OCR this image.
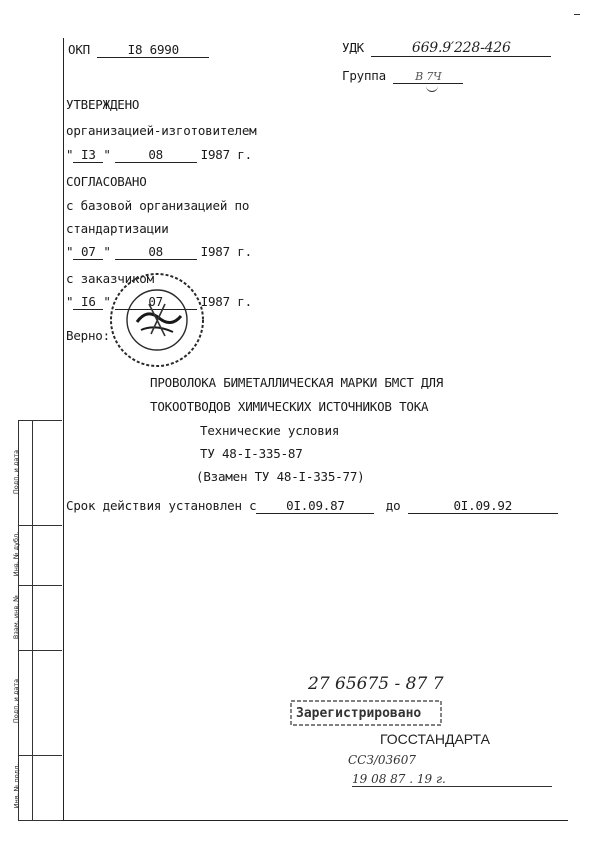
Подп. и дата
Инв. № дубл.
Взам. инв. №
Подп. и дата
Инв. № подл.
ОКП	I8 6990	УДК	669.9′228-426
Группа	В 7Ч
УТВЕРЖДЕНО
организацией-изготовителем
" I3 "	08	I987 г.
СОГЛАСОВАНО
с базовой организацией по
стандартизации
" 07 "	08	I987 г.
с заказчиком
" I6 "	07	I987 г.
Верно:
ПРОВОЛОКА БИМЕТАЛЛИЧЕСКАЯ МАРКИ БМСТ ДЛЯ
ТОКООТВОДОВ ХИМИЧЕСКИХ ИСТОЧНИКОВ ТОКА
Технические условия
ТУ 48-I-335-87
(Взамен ТУ 48-I-335-77)
Срок действия установлен с 0I.09.87	до	0I.09.92
27 65675 - 87 7
Зарегистрировано
ГОССТАНДАРТА
ССЗ/03607
19 08 87 . 19 г.
